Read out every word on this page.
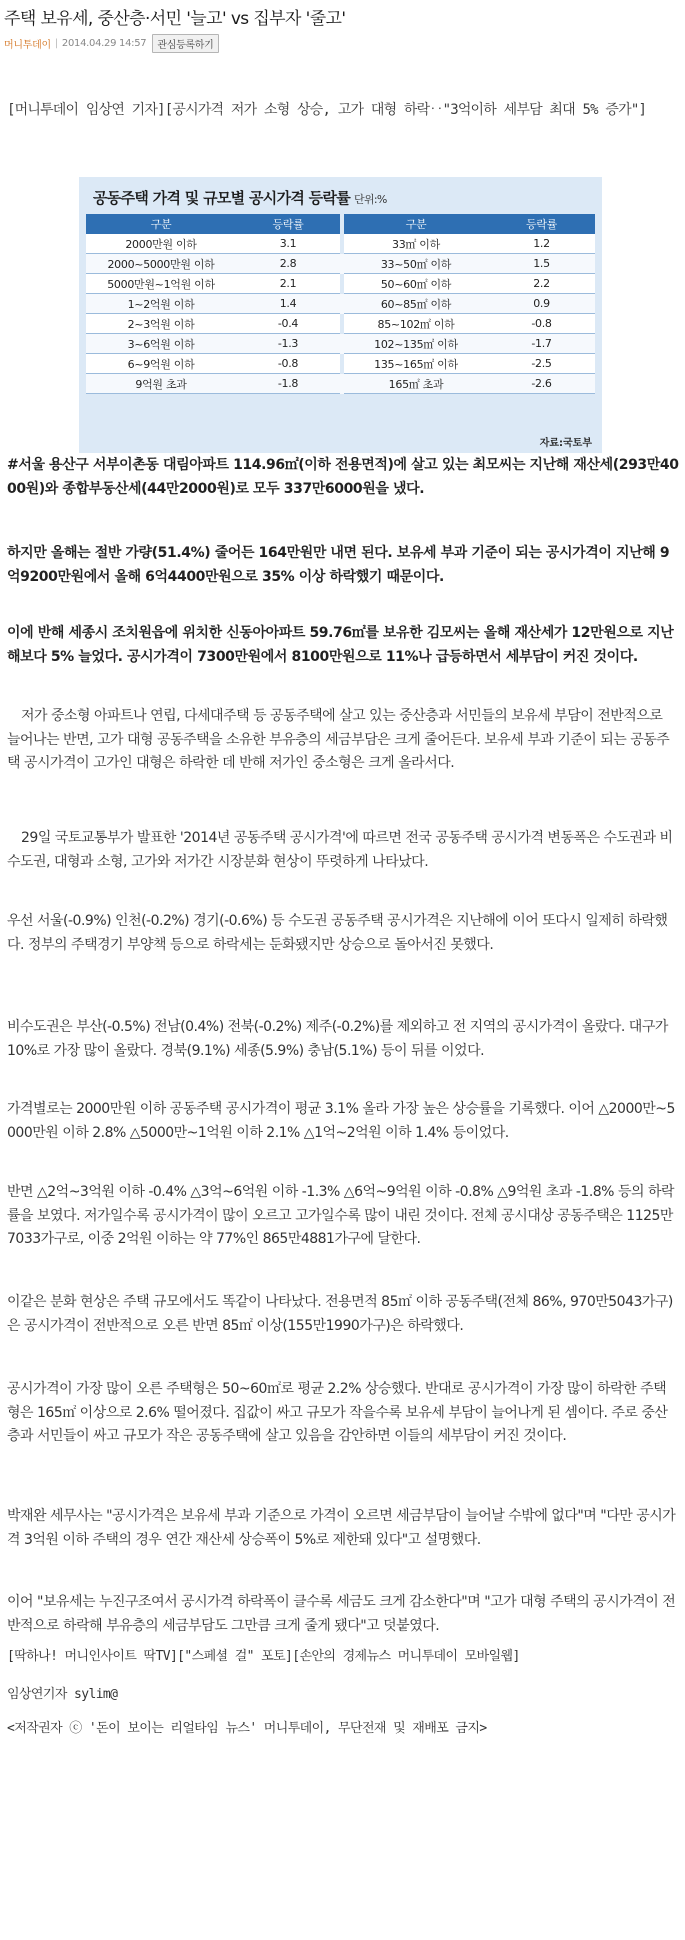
주택 보유세, 중산층·서민 '늘고' vs 집부자 '줄고'
머니투데이 | 2014.04.29 14:57	관심등록하기
[머니투데이 임상연 기자][공시가격 저가 소형 상승, 고가 대형 하락‥"3억이하 세부담 최대 5% 증가"]
공동주택 가격 및 규모별 공시가격 등락률 단위:%
구분	등락률		구분	등락률
2000만원 이하	3.1		33㎡ 이하	1.2
2000~5000만원 이하	2.8		33~50㎡ 이하	1.5
5000만원~1억원 이하	2.1		50~60㎡ 이하	2.2
1~2억원 이하	1.4		60~85㎡ 이하	0.9
2~3억원 이하	-0.4		85~102㎡ 이하	-0.8
3~6억원 이하	-1.3		102~135㎡ 이하	-1.7
6~9억원 이하	-0.8		135~165㎡ 이하	-2.5
9억원 초과	-1.8		165㎡ 초과	-2.6
자료:국토부

#서울 용산구 서부이촌동 대림아파트 114.96㎡(이하 전용면적)에 살고 있는 최모씨는 지난해 재산세(293만4000원)와 종합부동산세(44만2000원)로 모두 337만6000원을 냈다.

하지만 올해는 절반 가량(51.4%) 줄어든 164만원만 내면 된다. 보유세 부과 기준이 되는 공시가격이 지난해 9억9200만원에서 올해 6억4400만원으로 35% 이상 하락했기 때문이다.

이에 반해 세종시 조치원읍에 위치한 신동아아파트 59.76㎡를 보유한 김모씨는 올해 재산세가 12만원으로 지난해보다 5% 늘었다. 공시가격이 7300만원에서 8100만원으로 11%나 급등하면서 세부담이 커진 것이다.

저가 중소형 아파트나 연립, 다세대주택 등 공동주택에 살고 있는 중산층과 서민들의 보유세 부담이 전반적으로 늘어나는 반면, 고가 대형 공동주택을 소유한 부유층의 세금부담은 크게 줄어든다. 보유세 부과 기준이 되는 공동주택 공시가격이 고가인 대형은 하락한 데 반해 저가인 중소형은 크게 올라서다.

29일 국토교통부가 발표한 '2014년 공동주택 공시가격'에 따르면 전국 공동주택 공시가격 변동폭은 수도권과 비수도권, 대형과 소형, 고가와 저가간 시장분화 현상이 뚜렷하게 나타났다.

우선 서울(-0.9%) 인천(-0.2%) 경기(-0.6%) 등 수도권 공동주택 공시가격은 지난해에 이어 또다시 일제히 하락했다. 정부의 주택경기 부양책 등으로 하락세는 둔화됐지만 상승으로 돌아서진 못했다.

비수도권은 부산(-0.5%) 전남(0.4%) 전북(-0.2%) 제주(-0.2%)를 제외하고 전 지역의 공시가격이 올랐다. 대구가 10%로 가장 많이 올랐다. 경북(9.1%) 세종(5.9%) 충남(5.1%) 등이 뒤를 이었다.

가격별로는 2000만원 이하 공동주택 공시가격이 평균 3.1% 올라 가장 높은 상승률을 기록했다. 이어 △2000만~5000만원 이하 2.8% △5000만~1억원 이하 2.1% △1억~2억원 이하 1.4% 등이었다.

반면 △2억~3억원 이하 -0.4% △3억~6억원 이하 -1.3% △6억~9억원 이하 -0.8% △9억원 초과 -1.8% 등의 하락률을 보였다. 저가일수록 공시가격이 많이 오르고 고가일수록 많이 내린 것이다. 전체 공시대상 공동주택은 1125만7033가구로, 이중 2억원 이하는 약 77%인 865만4881가구에 달한다.

이같은 분화 현상은 주택 규모에서도 똑같이 나타났다. 전용면적 85㎡ 이하 공동주택(전체 86%, 970만5043가구)은 공시가격이 전반적으로 오른 반면 85㎡ 이상(155만1990가구)은 하락했다.

공시가격이 가장 많이 오른 주택형은 50~60㎡로 평균 2.2% 상승했다. 반대로 공시가격이 가장 많이 하락한 주택형은 165㎡ 이상으로 2.6% 떨어졌다. 집값이 싸고 규모가 작을수록 보유세 부담이 늘어나게 된 셈이다. 주로 중산층과 서민들이 싸고 규모가 작은 공동주택에 살고 있음을 감안하면 이들의 세부담이 커진 것이다.

박재완 세무사는 "공시가격은 보유세 부과 기준으로 가격이 오르면 세금부담이 늘어날 수밖에 없다"며 "다만 공시가격 3억원 이하 주택의 경우 연간 재산세 상승폭이 5%로 제한돼 있다"고 설명했다.

이어 "보유세는 누진구조여서 공시가격 하락폭이 클수록 세금도 크게 감소한다"며 "고가 대형 주택의 공시가격이 전반적으로 하락해 부유층의 세금부담도 그만큼 크게 줄게 됐다"고 덧붙였다.

[딱하나! 머니인사이트 딱TV]["스페셜 걸" 포토][손안의 경제뉴스 머니투데이 모바일웹]

임상연기자 sylim@

<저작권자 ⓒ '돈이 보이는 리얼타임 뉴스' 머니투데이, 무단전재 및 재배포 금지>
